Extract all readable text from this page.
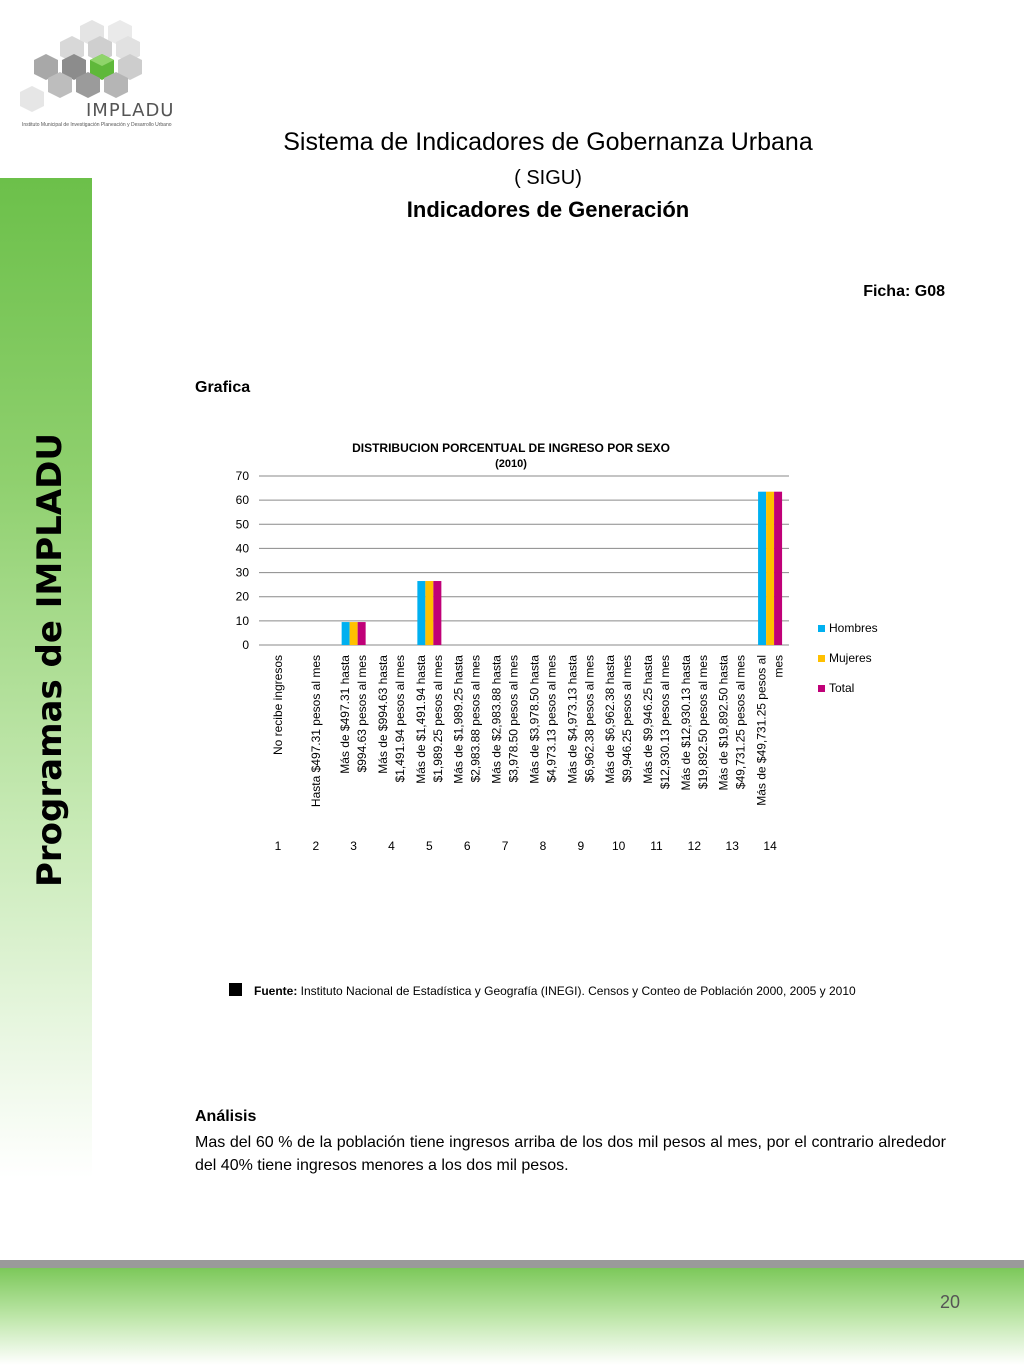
Programas de IMPLADU
IMPLADU
Instituto Municipal de Investigación Planeación y Desarrollo Urbano
Sistema de Indicadores de Gobernanza Urbana
( SIGU)
Indicadores de Generación
Ficha: G08
Grafica
DISTRIBUCION PORCENTUAL DE INGRESO POR SEXO
(2010)
0
10
20
30
40
50
60
70
No recibe ingresos
1
Hasta $497.31 pesos al mes
2
Más de $497.31 hasta $994.63 pesos al mes
3
Más de $994.63 hasta $1,491.94 pesos al mes
4
Más de $1,491.94 hasta $1,989.25 pesos al mes
5
Más de $1,989.25 hasta $2,983.88 pesos al mes
6
Más de $2,983.88 hasta $3,978.50 pesos al mes
7
Más de $3,978.50 hasta $4,973.13 pesos al mes
8
Más de $4,973.13 hasta $6,962.38 pesos al mes
9
Más de $6,962.38 hasta $9,946.25 pesos al mes
10
Más de $9,946.25 hasta $12,930.13 pesos al mes
11
Más de $12,930.13 hasta $19,892.50 pesos al mes
12
Más de $19,892.50 hasta $49,731.25 pesos al mes
13
Más de $49,731.25 pesos al mes
14
Hombres
Mujeres
Total
Fuente: Instituto Nacional de Estadística y Geografía (INEGI). Censos y Conteo de Población 2000, 2005 y 2010
Análisis
Mas del 60 % de la población tiene ingresos arriba de los dos mil pesos al mes, por el contrario alrededor del 40% tiene ingresos menores a los dos mil pesos.
20
